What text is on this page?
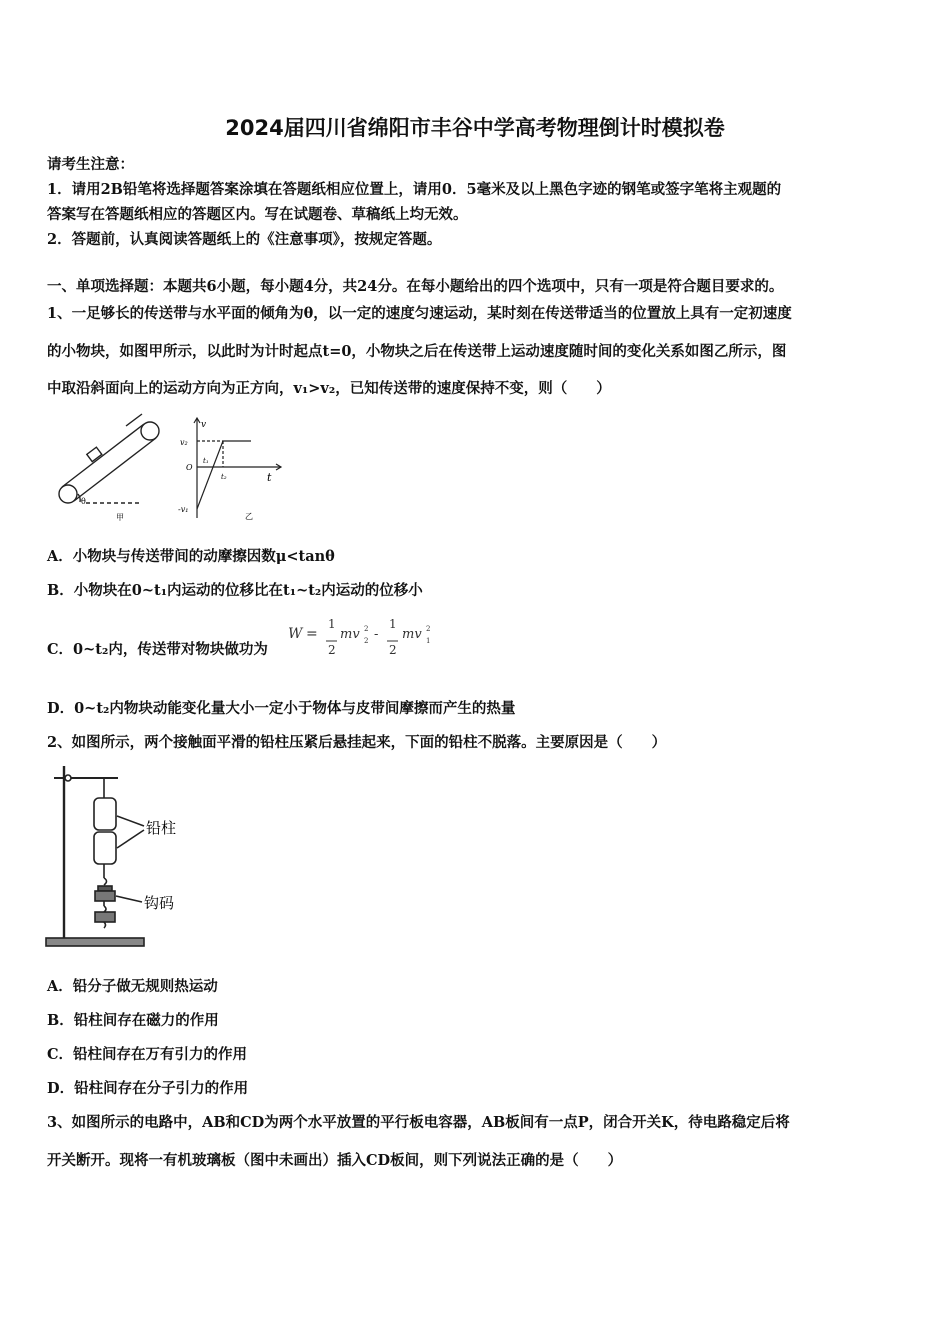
2024届四川省绵阳市丰谷中学高考物理倒计时模拟卷
请考生注意：
1．请用2B铅笔将选择题答案涂填在答题纸相应位置上，请用0．5毫米及以上黑色字迹的钢笔或签字笔将主观题的
答案写在答题纸相应的答题区内。写在试题卷、草稿纸上均无效。
2．答题前，认真阅读答题纸上的《注意事项》，按规定答题。
一、单项选择题：本题共6小题，每小题4分，共24分。在每小题给出的四个选项中，只有一项是符合题目要求的。
1、一足够长的传送带与水平面的倾角为θ，以一定的速度匀速运动，某时刻在传送带适当的位置放上具有一定初速度
的小物块，如图甲所示，以此时为计时起点t=0，小物块之后在传送带上运动速度随时间的变化关系如图乙所示，图
中取沿斜面向上的运动方向为正方向，v₁>v₂，已知传送带的速度保持不变，则（　　）
θ
甲
v
t
v₂
O
t₁
t₂
-v₁
乙
A．小物块与传送带间的动摩擦因数μ<tanθ
B．小物块在0~t₁内运动的位移比在t₁~t₂内运动的位移小
C．0~t₂内，传送带对物块做功为
W =
1
2
mv 2
2 -
1
2
mv 1
2
D．0~t₂内物块动能变化量大小一定小于物体与皮带间摩擦而产生的热量
2、如图所示，两个接触面平滑的铅柱压紧后悬挂起来，下面的铅柱不脱落。主要原因是（　　）
铅柱
钩码
A．铅分子做无规则热运动
B．铅柱间存在磁力的作用
C．铅柱间存在万有引力的作用
D．铅柱间存在分子引力的作用
3、如图所示的电路中，AB和CD为两个水平放置的平行板电容器，AB板间有一点P，闭合开关K，待电路稳定后将
开关断开。现将一有机玻璃板（图中未画出）插入CD板间，则下列说法正确的是（　　）
